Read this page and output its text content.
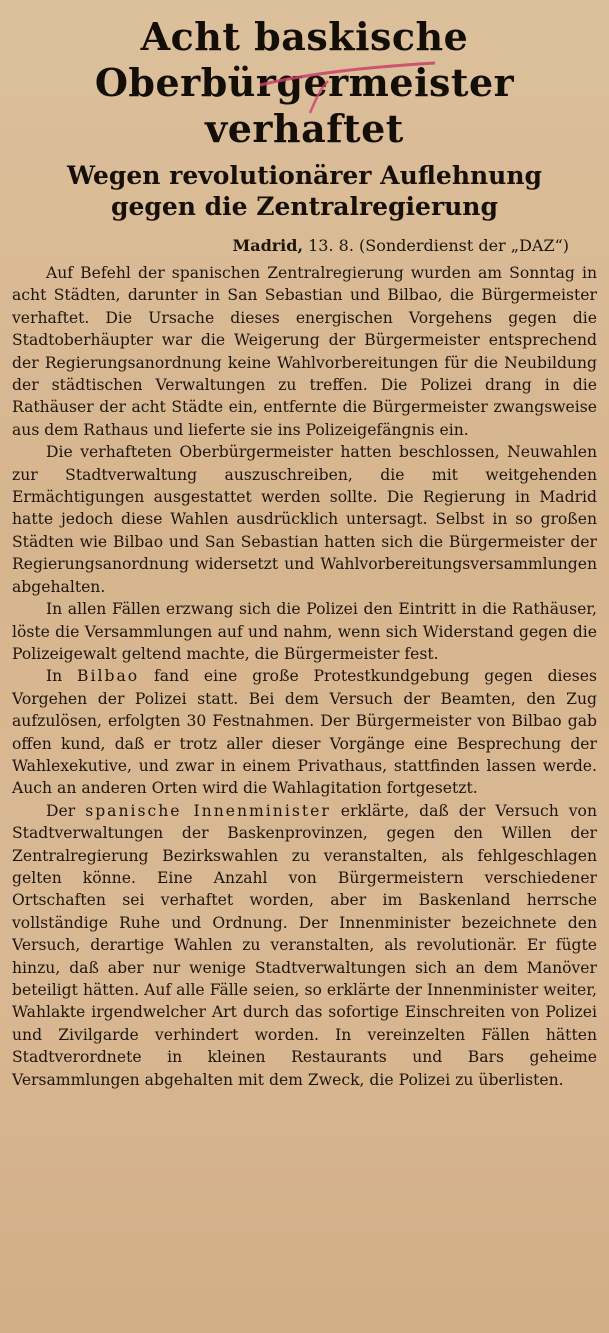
Acht baskische
Oberbürgermeister verhaftet
Wegen revolutionärer Auflehnung
gegen die Zentralregierung
Madrid, 13. 8. (Sonderdienst der „DAZ“)

Auf Befehl der spanischen Zentralregierung wurden am Sonntag in acht Städten, darunter in San Sebastian und Bilbao, die Bürgermeister verhaftet. Die Ursache dieses energischen Vorgehens gegen die Stadtoberhäupter war die Weigerung der Bürgermeister entsprechend der Regierungsanordnung keine Wahlvorbereitungen für die Neubildung der städtischen Verwaltungen zu treffen. Die Polizei drang in die Rathäuser der acht Städte ein, entfernte die Bürgermeister zwangsweise aus dem Rathaus und lieferte sie ins Polizeigefängnis ein.

Die verhafteten Oberbürgermeister hatten beschlossen, Neuwahlen zur Stadtverwaltung auszuschreiben, die mit weitgehenden Ermächtigungen ausgestattet werden sollte. Die Regierung in Madrid hatte jedoch diese Wahlen ausdrücklich untersagt. Selbst in so großen Städten wie Bilbao und San Sebastian hatten sich die Bürgermeister der Regierungsanordnung widersetzt und Wahlvorbereitungsversammlungen abgehalten.

In allen Fällen erzwang sich die Polizei den Eintritt in die Rathäuser, löste die Versammlungen auf und nahm, wenn sich Widerstand gegen die Polizeigewalt geltend machte, die Bürgermeister fest.

In Bilbao fand eine große Protestkundgebung gegen dieses Vorgehen der Polizei statt. Bei dem Versuch der Beamten, den Zug aufzulösen, erfolgten 30 Festnahmen. Der Bürgermeister von Bilbao gab offen kund, daß er trotz aller dieser Vorgänge eine Besprechung der Wahlexekutive, und zwar in einem Privathaus, stattfinden lassen werde. Auch an anderen Orten wird die Wahlagitation fortgesetzt.

Der spanische Innenminister erklärte, daß der Versuch von Stadtverwaltungen der Baskenprovinzen, gegen den Willen der Zentralregierung Bezirkswahlen zu veranstalten, als fehlgeschlagen gelten könne. Eine Anzahl von Bürgermeistern verschiedener Ortschaften sei verhaftet worden, aber im Baskenland herrsche vollständige Ruhe und Ordnung. Der Innenminister bezeichnete den Versuch, derartige Wahlen zu veranstalten, als revolutionär. Er fügte hinzu, daß aber nur wenige Stadtverwaltungen sich an dem Manöver beteiligt hätten. Auf alle Fälle seien, so erklärte der Innenminister weiter, Wahlakte irgendwelcher Art durch das sofortige Einschreiten von Polizei und Zivilgarde verhindert worden. In vereinzelten Fällen hätten Stadtverordnete in kleinen Restaurants und Bars geheime Versammlungen abgehalten mit dem Zweck, die Polizei zu überlisten.
